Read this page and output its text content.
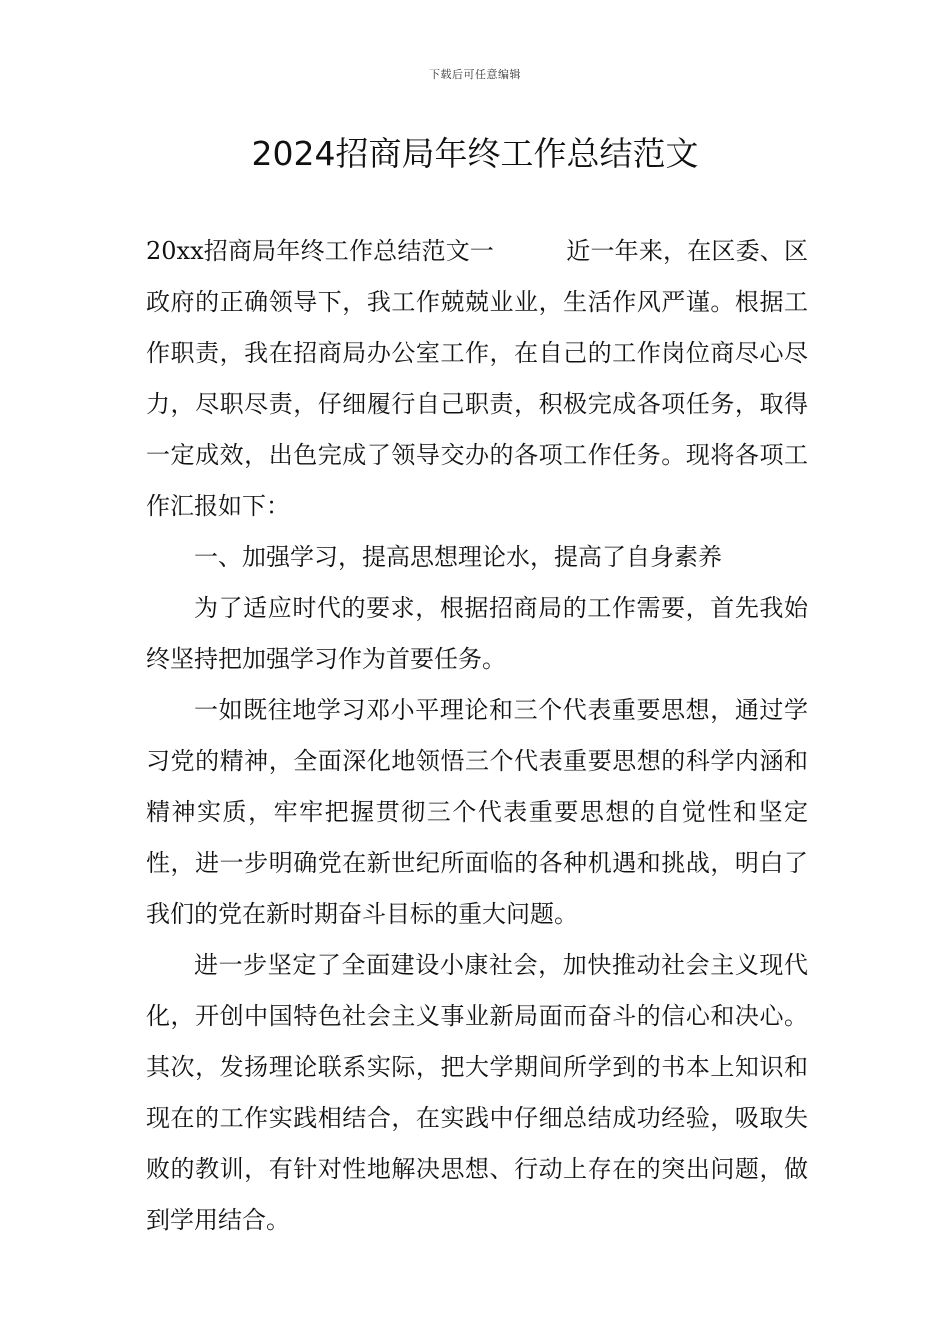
下载后可任意编辑
2024招商局年终工作总结范文

20xx招商局年终工作总结范文一	近一年来，在区委、区政府的正确领导下，我工作兢兢业业，生活作风严谨。根据工作职责，我在招商局办公室工作，在自己的工作岗位商尽心尽力，尽职尽责，仔细履行自己职责，积极完成各项任务，取得一定成效，出色完成了领导交办的各项工作任务。现将各项工作汇报如下：

一、加强学习，提高思想理论水，提高了自身素养

为了适应时代的要求，根据招商局的工作需要，首先我始终坚持把加强学习作为首要任务。

一如既往地学习邓小平理论和三个代表重要思想，通过学习党的精神，全面深化地领悟三个代表重要思想的科学内涵和精神实质，牢牢把握贯彻三个代表重要思想的自觉性和坚定性，进一步明确党在新世纪所面临的各种机遇和挑战，明白了我们的党在新时期奋斗目标的重大问题。

进一步坚定了全面建设小康社会，加快推动社会主义现代化，开创中国特色社会主义事业新局面而奋斗的信心和决心。其次，发扬理论联系实际，把大学期间所学到的书本上知识和现在的工作实践相结合，在实践中仔细总结成功经验，吸取失败的教训，有针对性地解决思想、行动上存在的突出问题，做到学用结合。
